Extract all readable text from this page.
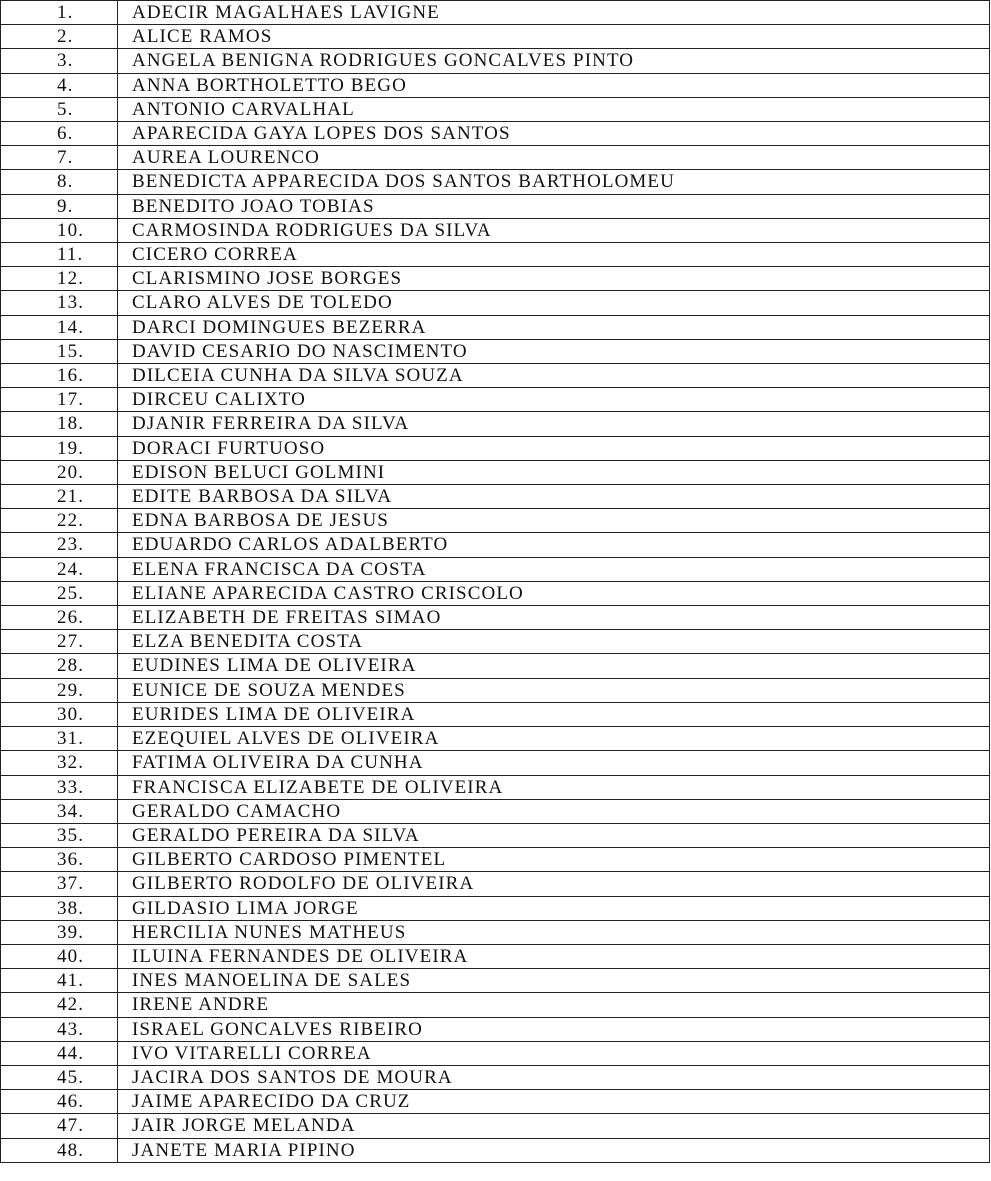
1.	ADECIR MAGALHAES LAVIGNE
2.	ALICE RAMOS
3.	ANGELA BENIGNA RODRIGUES GONCALVES PINTO
4.	ANNA BORTHOLETTO BEGO
5.	ANTONIO CARVALHAL
6.	APARECIDA GAYA LOPES DOS SANTOS
7.	AUREA LOURENCO
8.	BENEDICTA APPARECIDA DOS SANTOS BARTHOLOMEU
9.	BENEDITO JOAO TOBIAS
10.	CARMOSINDA RODRIGUES DA SILVA
11.	CICERO CORREA
12.	CLARISMINO JOSE BORGES
13.	CLARO ALVES DE TOLEDO
14.	DARCI DOMINGUES BEZERRA
15.	DAVID CESARIO DO NASCIMENTO
16.	DILCEIA CUNHA DA SILVA SOUZA
17.	DIRCEU CALIXTO
18.	DJANIR FERREIRA DA SILVA
19.	DORACI FURTUOSO
20.	EDISON BELUCI GOLMINI
21.	EDITE BARBOSA DA SILVA
22.	EDNA BARBOSA DE JESUS
23.	EDUARDO CARLOS ADALBERTO
24.	ELENA FRANCISCA DA COSTA
25.	ELIANE APARECIDA CASTRO CRISCOLO
26.	ELIZABETH DE FREITAS SIMAO
27.	ELZA BENEDITA COSTA
28.	EUDINES LIMA DE OLIVEIRA
29.	EUNICE DE SOUZA MENDES
30.	EURIDES LIMA DE OLIVEIRA
31.	EZEQUIEL ALVES DE OLIVEIRA
32.	FATIMA OLIVEIRA DA CUNHA
33.	FRANCISCA ELIZABETE DE OLIVEIRA
34.	GERALDO CAMACHO
35.	GERALDO PEREIRA DA SILVA
36.	GILBERTO CARDOSO PIMENTEL
37.	GILBERTO RODOLFO DE OLIVEIRA
38.	GILDASIO LIMA JORGE
39.	HERCILIA NUNES MATHEUS
40.	ILUINA FERNANDES DE OLIVEIRA
41.	INES MANOELINA DE SALES
42.	IRENE ANDRE
43.	ISRAEL GONCALVES RIBEIRO
44.	IVO VITARELLI CORREA
45.	JACIRA DOS SANTOS DE MOURA
46.	JAIME APARECIDO DA CRUZ
47.	JAIR JORGE MELANDA
48.	JANETE MARIA PIPINO
